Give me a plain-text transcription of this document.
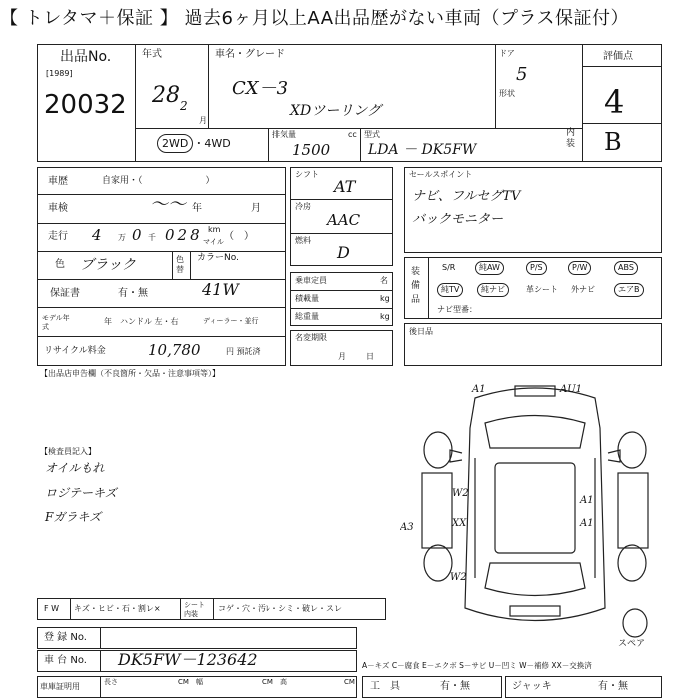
【 トレタマ＋保証 】 過去6ヶ月以上AA出品歴がない車両（プラス保証付）
出品No.
[1989]
20032
年式
28 2
月
車名・グレード
CX－3
XDツーリング
ドア
5
形状
2WD ・4WD
排気量	cc
1500
型式
LDA － DK5FW
評価点
4
内装 B
車歴	自家用・（　　　　　　　）
車検	〜〜 年	月
走行 4 万 0 千 028 km
マイル （　）
色 ブラック	色替
カラーNo.
保証書	有・無	41W
モデル年式
年 ハンドル 左・右	ディーラー・並行
リサイクル料金	10,780	円 預託済
シフト
AT
冷房
AAC
燃料
D
乗車定員	名
積載量	kg
総重量	kg
名変期限
月日
セールスポイント
ナビ、フルセグTV
バックモニター
装備品
S/R	純AW	P/S	P/W	ABS
純TV	純ナビ	革シート 外ナビ	エアB
ナビ型番：
後日品
【出品店申告欄（不良箇所・欠品・注意事項等）】
【検査員記入】
オイルもれ
ロジテーキズ
Fガラキズ
A1	AU1
W2
XX
A1
A1
A3
W2
スペア
F W キズ・ヒビ・石・割レ×	シート内装
コゲ・穴・汚ﾚ・シミ・破レ・スレ
登 録 No.
車 台 No. DK5FW－123642
車庫証明用	長さ	CM 幅	CM 高	CM
A－キズ C－腐食 E－エクボ S－サビ U－凹ミ W－補修 XX－交換済
工　具	有・無	ジャッキ	有・無
